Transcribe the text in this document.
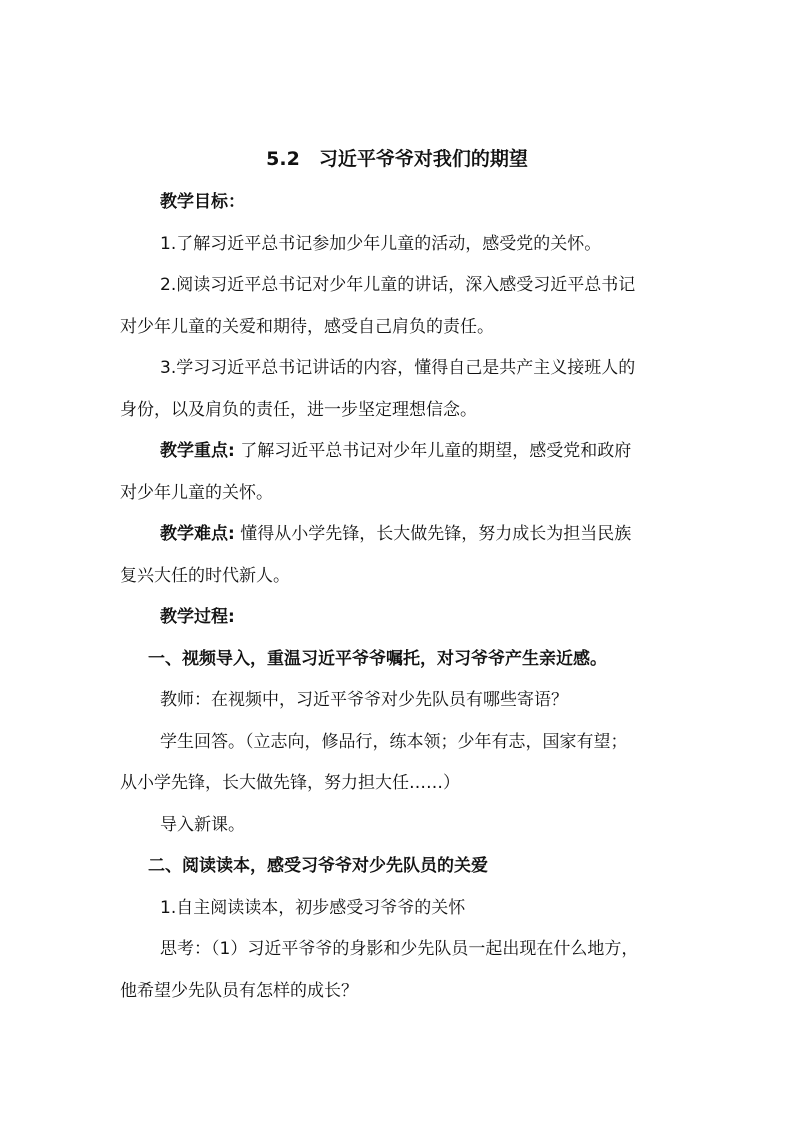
5.2　习近平爷爷对我们的期望
教学目标：
1.了解习近平总书记参加少年儿童的活动，感受党的关怀。
2.阅读习近平总书记对少年儿童的讲话，深入感受习近平总书记
对少年儿童的关爱和期待，感受自己肩负的责任。
3.学习习近平总书记讲话的内容，懂得自己是共产主义接班人的
身份，以及肩负的责任，进一步坚定理想信念。
教学重点: 了解习近平总书记对少年儿童的期望，感受党和政府
对少年儿童的关怀。
教学难点: 懂得从小学先锋，长大做先锋，努力成长为担当民族
复兴大任的时代新人。
教学过程:
一、视频导入，重温习近平爷爷嘱托，对习爷爷产生亲近感。
教师：在视频中，习近平爷爷对少先队员有哪些寄语？
学生回答。（立志向，修品行，练本领；少年有志，国家有望；
从小学先锋，长大做先锋，努力担大任……）
导入新课。
二、阅读读本，感受习爷爷对少先队员的关爱
1.自主阅读读本，初步感受习爷爷的关怀
思考：（1）习近平爷爷的身影和少先队员一起出现在什么地方，
他希望少先队员有怎样的成长？
